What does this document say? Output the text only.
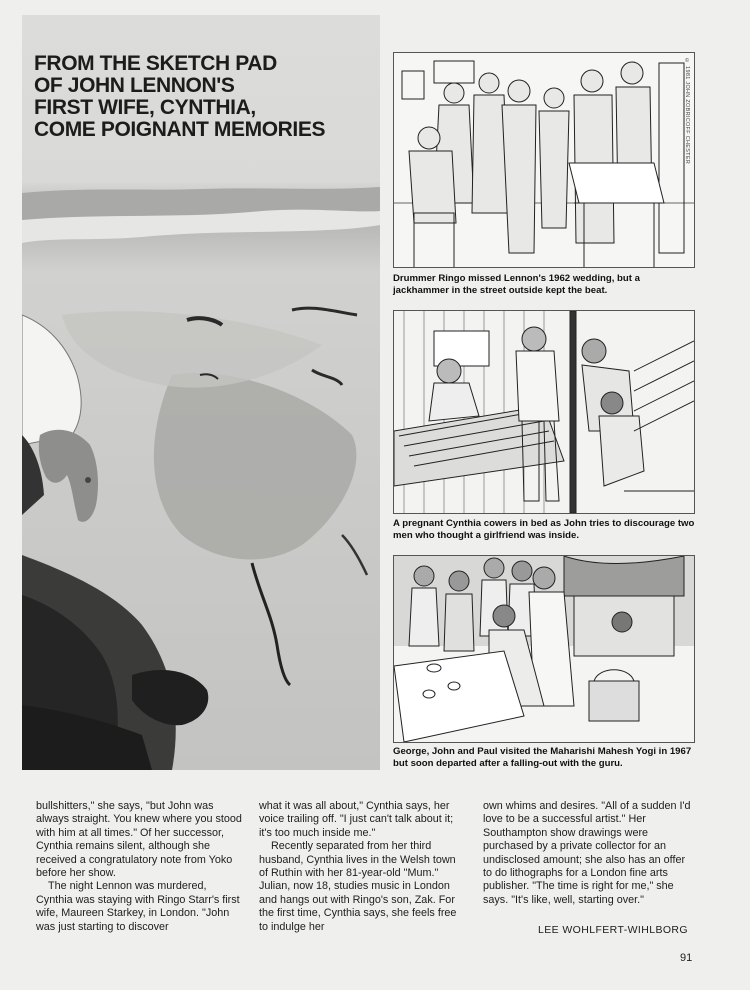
FROM THE SKETCH PAD
OF JOHN LENNON'S
FIRST WIFE, CYNTHIA,
COME POIGNANT MEMORIES	© 1981 JOHN ZOBRICOFF CHESTER

Drummer Ringo missed Lennon's 1962 wedding, but a jackhammer in the street outside kept the beat.

A pregnant Cynthia cowers in bed as John tries to discourage two men who thought a girlfriend was inside.

George, John and Paul visited the Maharishi Mahesh Yogi in 1967 but soon departed after a falling-out with the guru.

bullshitters," she says, "but John was always straight. You knew where you stood with him at all times." Of her successor, Cynthia remains silent, although she received a congratulatory note from Yoko before her show.

The night Lennon was murdered, Cynthia was staying with Ringo Starr's first wife, Maureen Starkey, in London. "John was just starting to discover

what it was all about," Cynthia says, her voice trailing off. "I just can't talk about it; it's too much inside me."

Recently separated from her third husband, Cynthia lives in the Welsh town of Ruthin with her 81-year-old "Mum." Julian, now 18, studies music in London and hangs out with Ringo's son, Zak. For the first time, Cynthia says, she feels free to indulge her

own whims and desires. "All of a sudden I'd love to be a successful artist." Her Southampton show drawings were purchased by a private collector for an undisclosed amount; she also has an offer to do lithographs for a London fine arts publisher. "The time is right for me," she says. "It's like, well, starting over."

LEE WOHLFERT-WIHLBORG

91
